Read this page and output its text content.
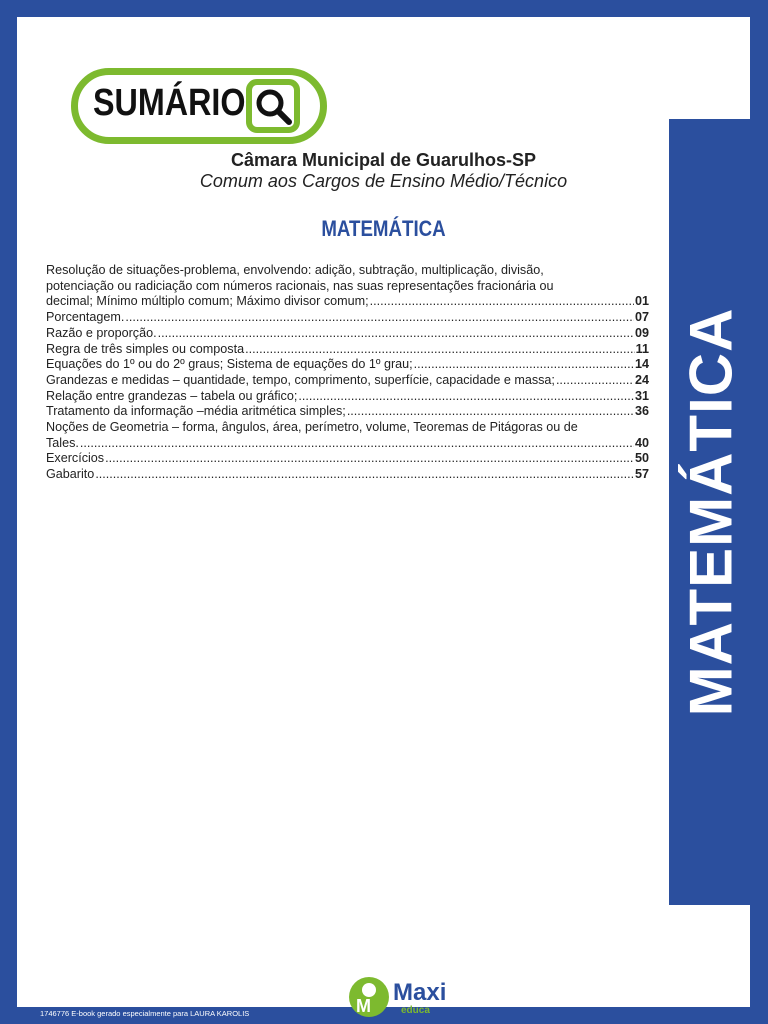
SUMÁRIO
Câmara Municipal de Guarulhos-SP
Comum aos Cargos de Ensino Médio/Técnico
MATEMÁTICA
Resolução de situações-problema, envolvendo: adição, subtração, multiplicação, divisão,
potenciação ou radiciação com números racionais, nas suas representações fracionária ou
decimal; Mínimo múltiplo comum; Máximo divisor comum; .....	01
Porcentagem. .....	07
Razão e proporção. .....	09
Regra de três simples ou composta .....	11
Equações do 1º ou do 2º graus; Sistema de equações do 1º grau; .....	14
Grandezas e medidas – quantidade, tempo, comprimento, superfície, capacidade e massa; .....	24
Relação entre grandezas – tabela ou gráfico; .....	31
Tratamento da informação –média aritmética simples; .....	36
Noções de Geometria – forma, ângulos, área, perímetro, volume, Teoremas de Pitágoras ou de
Tales. .....	40
Exercícios .....	50
Gabarito .....	57
M Maxi
educa
MATEMÁTICA
1746776 E-book gerado especialmente para LAURA KAROLIS
